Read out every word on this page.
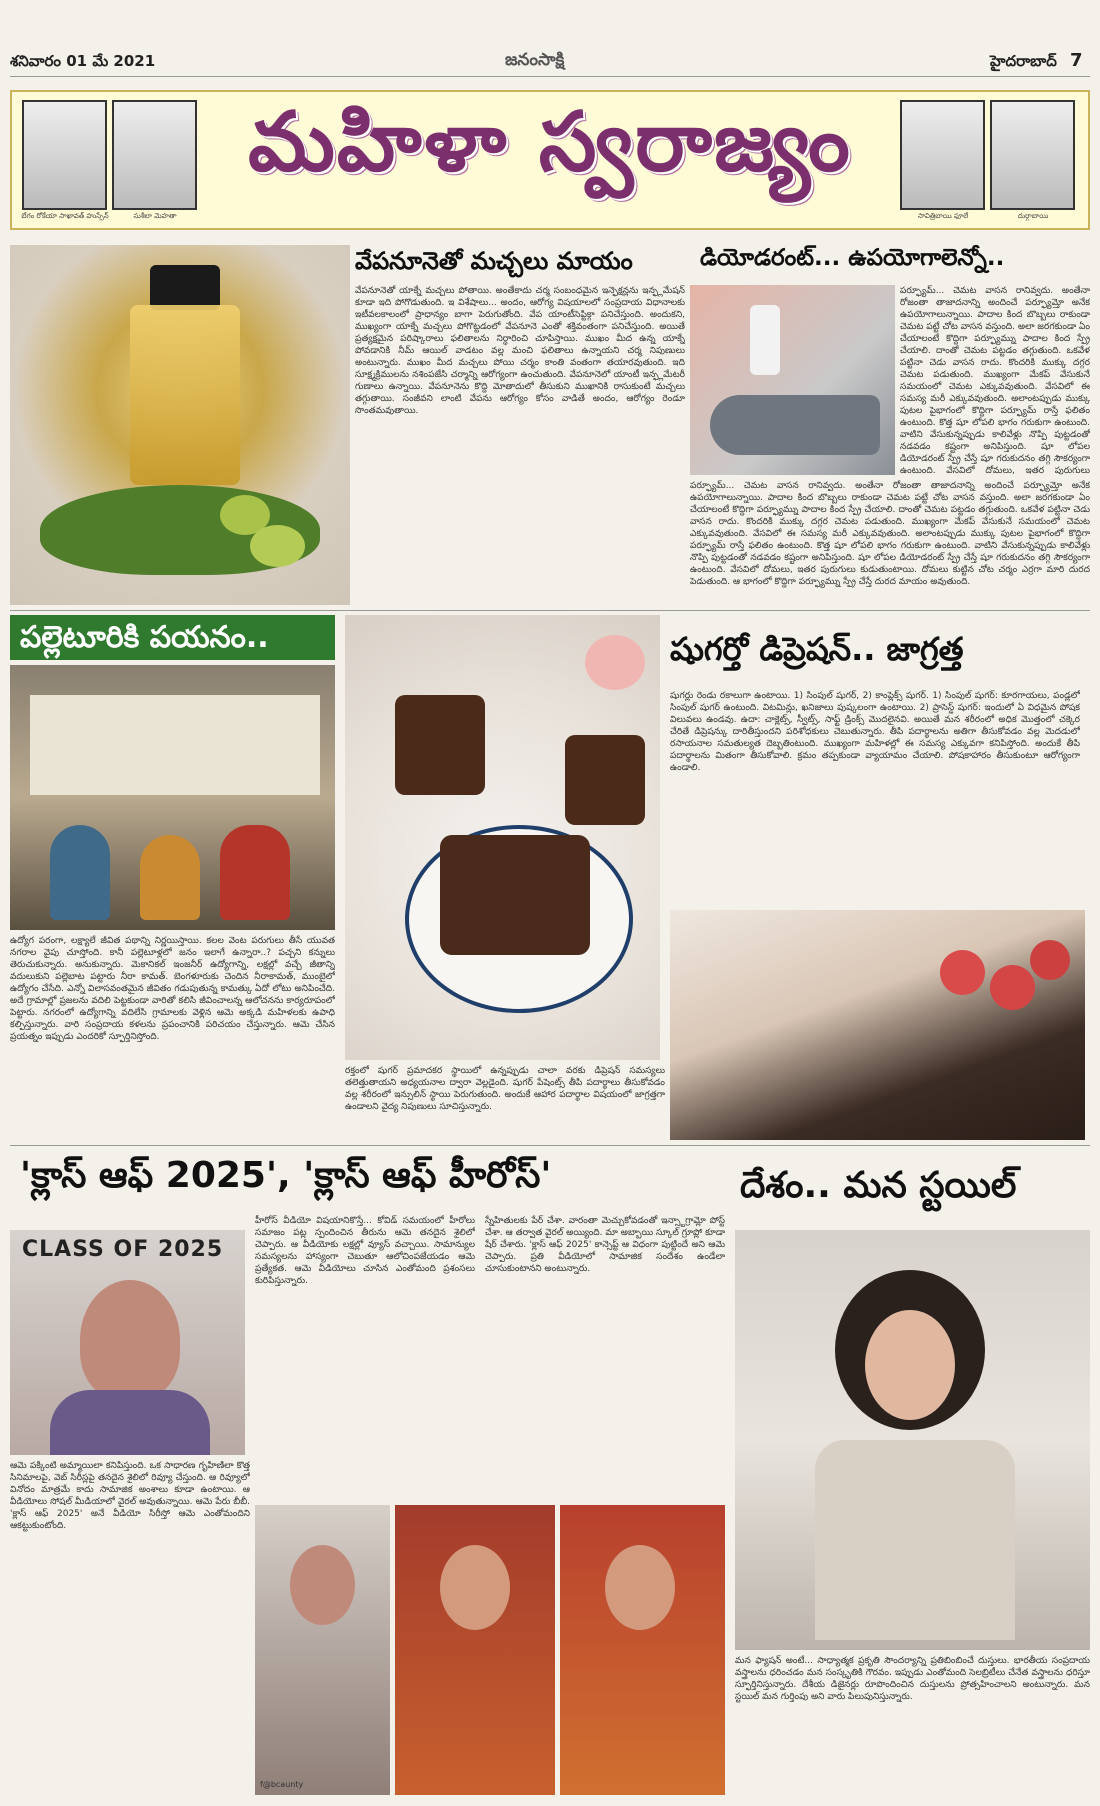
శనివారం 01 మే 2021	జనంసాక్షి	హైదరాబాద్ 7
బేగం రోకేయా సాఖావత్ హుస్సేన్	సుశీలా మెహతా	సావిత్రిబాయి ఫూలే	దుర్గాబాయి
మహిళా స్వరాజ్యం
వేపనూనెతో మచ్చలు మాయం
వేపనూనెతో యాక్నే మచ్చలు పోతాయి. అంతేకాదు చర్మ సంబంధమైన ఇన్ఫెక్షన్లను ఇన్ఫ్లమేషన్ కూడా ఇది పోగొడుతుంది. ఇ విశేషాలు... అందం, ఆరోగ్య విషయాలలో సంప్రదాయ విధానాలకు ఇటీవలకాలంలో ప్రాధాన్యం బాగా పెరుగుతోంది. వేప యాంటీసెప్టిక్గా పనిచేస్తుంది. అందుకని, ముఖ్యంగా యాక్నే మచ్చలు పోగొట్టడంలో వేపనూనె ఎంతో శక్తివంతంగా పనిచేస్తుంది. అయితే ప్రత్యక్షమైన పరిష్కారాలు ఫలితాలను నిర్ధారించి చూపిస్తాయి. ముఖం మీద ఉన్న యాక్నే పోవడానికి నీమ్ ఆయిల్ వాడటం వల్ల మంచి ఫలితాలు ఉన్నాయని చర్మ నిపుణులు అంటున్నారు. ముఖం మీద మచ్చలు పోయి చర్మం కాంతి వంతంగా తయారవుతుంది. ఇది సూక్ష్మక్రిములను నశింపజేసి చర్మాన్ని ఆరోగ్యంగా ఉంచుతుంది. వేపనూనెలో యాంటీ ఇన్ఫ్లమేటరీ గుణాలు ఉన్నాయి. వేపనూనెను కొద్ది మోతాదులో తీసుకుని ముఖానికి రాసుకుంటే మచ్చలు తగ్గుతాయి. సంజీవని లాంటి వేపను ఆరోగ్యం కోసం వాడితే అందం, ఆరోగ్యం రెండూ సొంతమవుతాయి.
డియోడరంట్... ఉపయోగాలెన్నో..
పర్ఫ్యూమ్... చెమట వాసన రానివ్వదు. అంతేనా రోజంతా తాజాదనాన్ని అందించే పర్ఫ్యూమ్తో అనేక ఉపయోగాలున్నాయి. పాదాల కింద బొబ్బలు రాకుండా చెమట పట్టే చోట వాసన వస్తుంది. అలా జరగకుండా ఏం చేయాలంటే కొద్దిగా పర్ఫ్యూమ్ను పాదాల కింద స్ప్రే చేయాలి. దాంతో చెమట పట్టడం తగ్గుతుంది. ఒకవేళ పట్టినా చెడు వాసన రాదు. కొందరికి ముక్కు దగ్గర చెమట పడుతుంది. ముఖ్యంగా మేకప్ వేసుకునే సమయంలో చెమట ఎక్కువవుతుంది. వేసవిలో ఈ సమస్య మరీ ఎక్కువవుతుంది. అలాంటప్పుడు ముక్కు పుటల పైభాగంలో కొద్దిగా పర్ఫ్యూమ్ రాస్తే ఫలితం ఉంటుంది. కొత్త షూ లోపలి భాగం గరుకుగా ఉంటుంది. వాటిని వేసుకున్నప్పుడు కాలివేళ్లు నొప్పి పుట్టడంతో నడవడం కష్టంగా అనిపిస్తుంది. షూ లోపల డియోడరంట్ స్ప్రే చేస్తే షూ గరుకుదనం తగ్గి సౌకర్యంగా ఉంటుంది. వేసవిలో దోమలు, ఇతర పురుగులు కుడుతుంటాయి. దోమలు కుట్టిన చోట చర్మం ఎర్రగా మారి దురద పెడుతుంది. ఆ భాగంలో కొద్దిగా పర్ఫ్యూమ్ను స్ప్రే చేస్తే దురద మాయం అవుతుంది.
పర్ఫ్యూమ్... చెమట వాసన రానివ్వదు. అంతేనా రోజంతా తాజాదనాన్ని అందించే పర్ఫ్యూమ్తో అనేక ఉపయోగాలున్నాయి. పాదాల కింద బొబ్బలు రాకుండా చెమట పట్టే చోట వాసన వస్తుంది. అలా జరగకుండా ఏం చేయాలంటే కొద్దిగా పర్ఫ్యూమ్ను పాదాల కింద స్ప్రే చేయాలి. దాంతో చెమట పట్టడం తగ్గుతుంది. ఒకవేళ పట్టినా చెడు వాసన రాదు. కొందరికి ముక్కు దగ్గర చెమట పడుతుంది. ముఖ్యంగా మేకప్ వేసుకునే సమయంలో చెమట ఎక్కువవుతుంది. వేసవిలో ఈ సమస్య మరీ ఎక్కువవుతుంది. అలాంటప్పుడు ముక్కు పుటల పైభాగంలో కొద్దిగా పర్ఫ్యూమ్ రాస్తే ఫలితం ఉంటుంది. కొత్త షూ లోపలి భాగం గరుకుగా ఉంటుంది. వాటిని వేసుకున్నప్పుడు కాలివేళ్లు నొప్పి పుట్టడంతో నడవడం కష్టంగా అనిపిస్తుంది. షూ లోపల డియోడరంట్ స్ప్రే చేస్తే షూ గరుకుదనం తగ్గి సౌకర్యంగా ఉంటుంది. వేసవిలో దోమలు, ఇతర పురుగులు
పల్లెటూరికి పయనం..
ఉద్యోగ పరంగా, లక్ష్యాలే జీవిత పథాన్ని నిర్ణయిస్తాయి. కలల వెంట పరుగులు తీసే యువత నగరాల వైపు చూస్తోంది. కానీ పల్లెటూళ్లలో జనం ఇలాగే ఉన్నారా..? పచ్చని కన్నులు తెరుచుకున్నారు. అనుకున్నారు. మెకానికల్ ఇంజనీర్ ఉద్యోగాన్ని, లక్షల్లో వచ్చే జీతాన్ని వదులుకుని పల్లెబాట పట్టారు నీరా కామత్. బెంగళూరుకు చెందిన నీరాకామత్, ముంబైలో ఉద్యోగం చేసేది. ఎన్నో విలాసవంతమైన జీవితం గడుపుతున్న కామత్కు ఏదో లోటు అనిపించేది. అదే గ్రామాల్లో ప్రజలను వదిలి పెట్టకుండా వారితో కలిసి జీవించాలన్న ఆలోచనను కార్యరూపంలో పెట్టారు. నగరంలో ఉద్యోగాన్ని వదిలేసి గ్రామాలకు వెళ్లిన ఆమె అక్కడి మహిళలకు ఉపాధి కల్పిస్తున్నారు. వారి సంప్రదాయ కళలను ప్రపంచానికి పరిచయం చేస్తున్నారు. ఆమె చేసిన ప్రయత్నం ఇప్పుడు ఎందరికో స్ఫూర్తినిస్తోంది.
రక్తంలో షుగర్ ప్రమాదకర స్థాయిలో ఉన్నప్పుడు చాలా వరకు డిప్రెషన్ సమస్యలు తలెత్తుతాయని అధ్యయనాల ద్వారా వెల్లడైంది. షుగర్ పేషెంట్స్ తీపి పదార్థాలు తీసుకోవడం వల్ల శరీరంలో ఇన్సులిన్ స్థాయి పెరుగుతుంది. అందుకే ఆహార పదార్థాల విషయంలో జాగ్రత్తగా ఉండాలని వైద్య నిపుణులు సూచిస్తున్నారు.
షుగర్తో డిప్రెషన్.. జాగ్రత్త
షుగర్లు రెండు రకాలుగా ఉంటాయి. 1) సింపుల్ షుగర్, 2) కాంప్లెక్స్ షుగర్. 1) సింపుల్ షుగర్: కూరగాయలు, పండ్లలో సింపుల్ షుగర్ ఉంటుంది. విటమిన్లు, ఖనిజాలు పుష్కలంగా ఉంటాయి. 2) ప్రాసెస్డ్ షుగర్: ఇందులో ఏ విధమైన పోషక విలువలు ఉండవు. ఉదా: చాక్లెట్స్, స్వీట్స్, సాఫ్ట్ డ్రింక్స్ మొదలైనవి. అయితే మన శరీరంలో అధిక మొత్తంలో చక్కెర చేరితే డిప్రెషన్కు దారితీస్తుందని పరిశోధకులు చెబుతున్నారు. తీపి పదార్థాలను అతిగా తీసుకోవడం వల్ల మెదడులో రసాయనాల సమతుల్యత దెబ్బతింటుంది. ముఖ్యంగా మహిళల్లో ఈ సమస్య ఎక్కువగా కనిపిస్తోంది. అందుకే తీపి పదార్థాలను మితంగా తీసుకోవాలి. క్రమం తప్పకుండా వ్యాయామం చేయాలి. పోషకాహారం తీసుకుంటూ ఆరోగ్యంగా ఉండాలి.
'క్లాస్ ఆఫ్ 2025', 'క్లాస్ ఆఫ్ హీరోస్'
CLASS OF 2025
ఆమె పక్కింటి అమ్మాయిలా కనిపిస్తుంది. ఒక సాధారణ గృహిణిలా కొత్త సినిమాలపై, వెబ్ సిరీస్లపై తనదైన శైలిలో రివ్యూ చేస్తుంది. ఆ రివ్యూలో వినోదం మాత్రమే కాదు సామాజిక అంశాలు కూడా ఉంటాయి. ఆ వీడియోలు సోషల్ మీడియాలో వైరల్ అవుతున్నాయి. ఆమె పేరు బీబీ. 'క్లాస్ ఆఫ్ 2025' అనే వీడియో సిరీస్తో ఆమె ఎంతోమందిని ఆకట్టుకుంటోంది.
హీరోస్ వీడియో విషయానికొస్తే... కోవిడ్ సమయంలో హీరోలు సమాజం పట్ల స్పందించిన తీరును ఆమె తనదైన శైలిలో చెప్పారు. ఆ వీడియోకు లక్షల్లో వ్యూస్ వచ్చాయి. సామాన్యుల సమస్యలను హాస్యంగా చెబుతూ ఆలోచింపజేయడం ఆమె ప్రత్యేకత. ఆమె వీడియోలు చూసిన ఎంతోమంది ప్రశంసలు కురిపిస్తున్నారు.
స్నేహితులకు పేర్ చేశా. వారంతా మెచ్చుకోవడంతో ఇన్స్టాగ్రామ్లో పోస్ట్ చేశా. ఆ తర్వాత వైరల్ అయ్యింది. మా అబ్బాయి స్కూల్ గ్రూప్లో కూడా షేర్ చేశారు. 'క్లాస్ ఆఫ్ 2025' కాన్సెప్ట్ ఆ విధంగా పుట్టిందే అని ఆమె చెప్పారు. ప్రతి వీడియోలో సామాజిక సందేశం ఉండేలా చూసుకుంటానని అంటున్నారు.
f@bcaunty
దేశం.. మన స్టయిల్
మన ఫ్యాషన్ అంటే... సాధ్యాత్మక ప్రకృతి సౌందర్యాన్ని ప్రతిబింబించే దుస్తులు. భారతీయ సంప్రదాయ వస్త్రాలను ధరించడం మన సంస్కృతికి గౌరవం. ఇప్పుడు ఎంతోమంది సెలబ్రిటీలు చేనేత వస్త్రాలను ధరిస్తూ స్ఫూర్తినిస్తున్నారు. దేశీయ డిజైనర్లు రూపొందించిన దుస్తులను ప్రోత్సహించాలని అంటున్నారు. మన స్టయిల్ మన గుర్తింపు అని వారు పిలుపునిస్తున్నారు.
